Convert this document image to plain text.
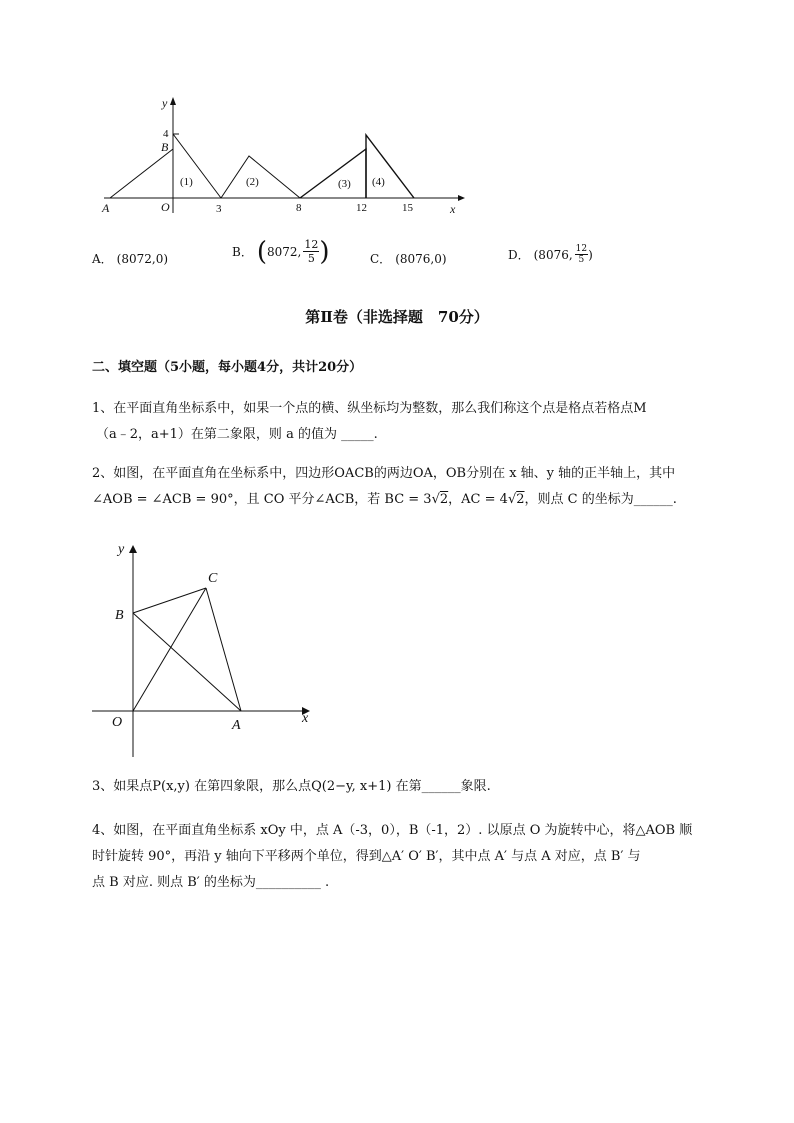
y
x
4
B
A	O	3	8	12	15
(1)	(2)	(3) (4)
A． (8072,0)	B． ( 8072, $\frac{12}{5}$ )	C． (8076,0)	D． (8076, $\frac{12}{5}$ )
第Ⅱ卷（非选择题　70分）
二、填空题（5小题，每小题4分，共计20分）
1、在平面直角坐标系中，如果一个点的横、纵坐标均为整数，那么我们称这个点是格点若格点M
（a﹣2，a+1）在第二象限，则 a 的值为 _____.
2、如图，在平面直角在坐标系中，四边形OACB的两边OA，OB分别在 x 轴、y 轴的正半轴上，其中
∠AOB = ∠ACB = 90°，且 CO 平分∠ACB，若 BC = 3√2，AC = 4√2，则点 C 的坐标为______.
y
x
C
B
O	A
3、如果点P(x,y) 在第四象限，那么点Q(2−y, x+1) 在第______象限.
4、如图，在平面直角坐标系 xOy 中，点 A（-3，0），B（-1，2）. 以原点 O 为旋转中心，将△AOB 顺
时针旋转 90°，再沿 y 轴向下平移两个单位，得到△A′ O′ B′，其中点 A′ 与点 A 对应，点 B′ 与
点 B 对应. 则点 B′ 的坐标为__________ .
